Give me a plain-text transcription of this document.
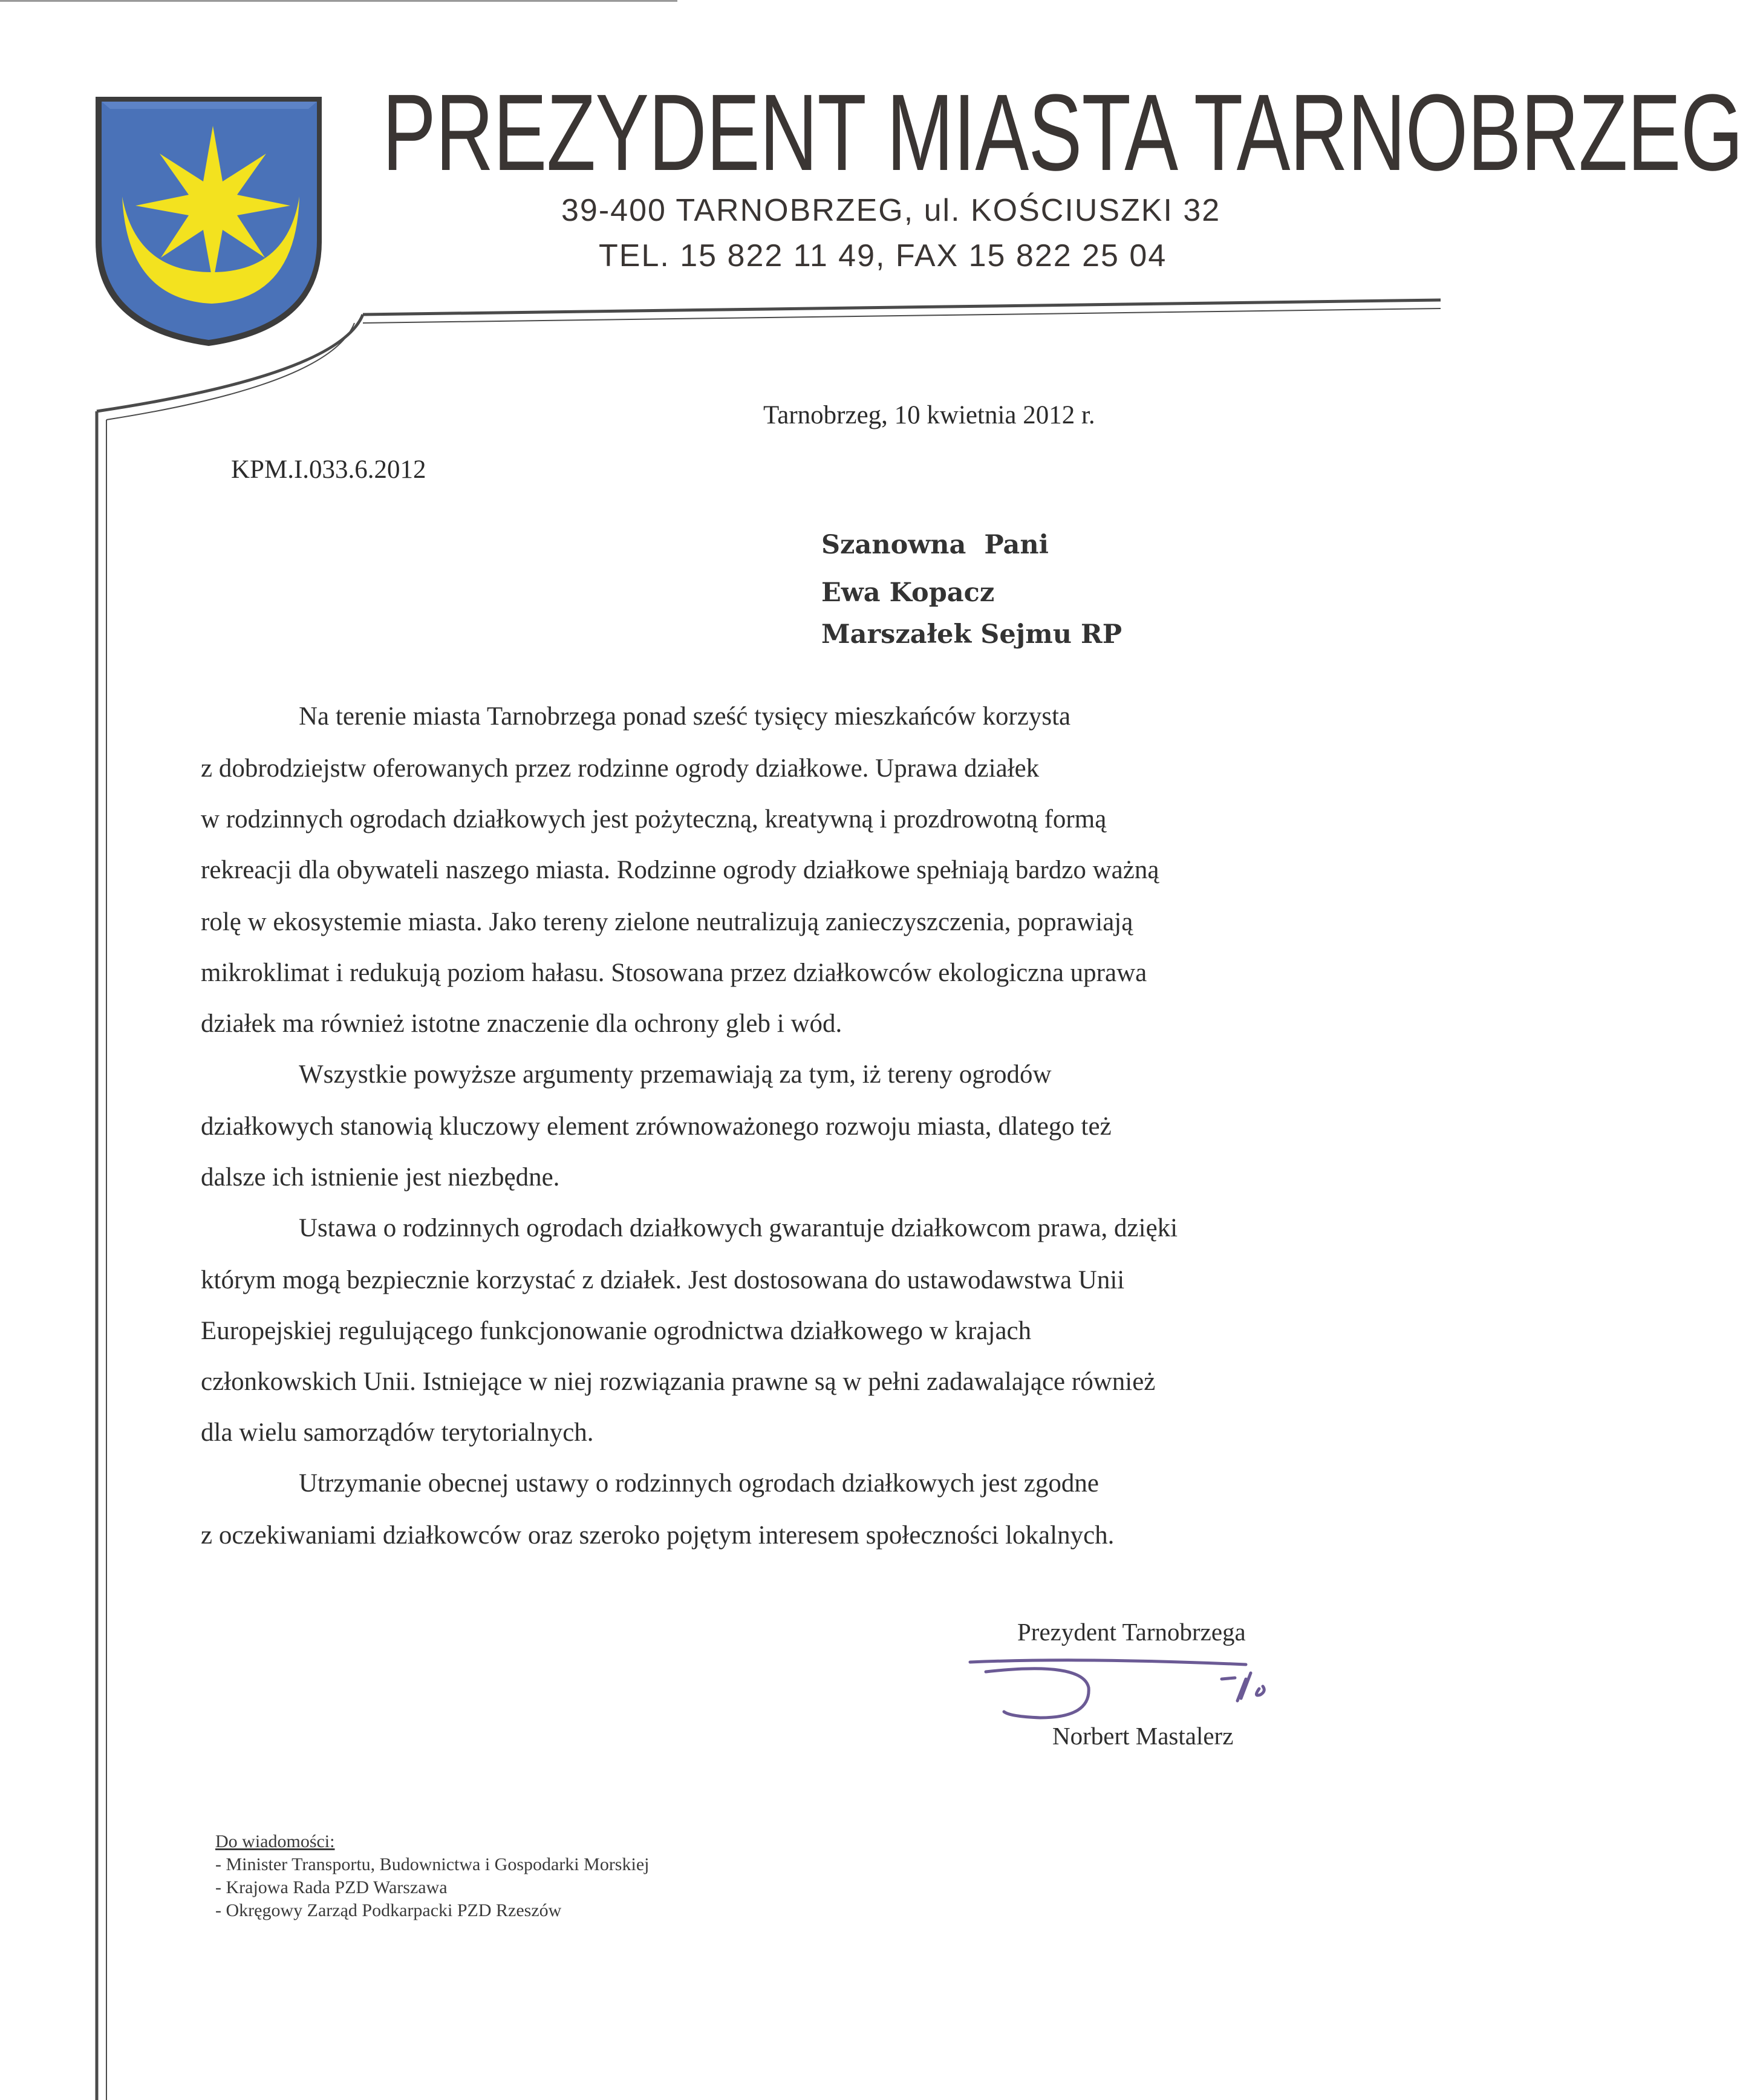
PREZYDENT MIASTA TARNOBRZEG
39-400 TARNOBRZEG, ul. KOŚCIUSZKI 32
TEL. 15 822 11 49, FAX 15 822 25 04
Tarnobrzeg, 10 kwietnia 2012 r.
KPM.I.033.6.2012
Szanowna  Pani
Ewa Kopacz
Marszałek Sejmu RP
Na terenie miasta Tarnobrzega ponad sześć tysięcy mieszkańców korzysta
z dobrodziejstw oferowanych przez rodzinne ogrody działkowe. Uprawa działek
w rodzinnych ogrodach działkowych jest pożyteczną, kreatywną i prozdrowotną formą
rekreacji dla obywateli naszego miasta. Rodzinne ogrody działkowe spełniają bardzo ważną
rolę w ekosystemie miasta. Jako tereny zielone neutralizują zanieczyszczenia, poprawiają
mikroklimat i redukują poziom hałasu. Stosowana przez działkowców ekologiczna uprawa
działek ma również istotne znaczenie dla ochrony gleb i wód.
Wszystkie powyższe argumenty przemawiają za tym, iż tereny ogrodów
działkowych stanowią kluczowy element zrównoważonego rozwoju miasta, dlatego też
dalsze ich istnienie jest niezbędne.
Ustawa o rodzinnych ogrodach działkowych gwarantuje działkowcom prawa, dzięki
którym mogą bezpiecznie korzystać z działek. Jest dostosowana do ustawodawstwa Unii
Europejskiej regulującego funkcjonowanie ogrodnictwa działkowego w krajach
członkowskich Unii. Istniejące w niej rozwiązania prawne są w pełni zadawalające również
dla wielu samorządów terytorialnych.
Utrzymanie obecnej ustawy o rodzinnych ogrodach działkowych jest zgodne
z oczekiwaniami działkowców oraz szeroko pojętym interesem społeczności lokalnych.
Prezydent Tarnobrzega
Norbert Mastalerz
Do wiadomości:
- Minister Transportu, Budownictwa i Gospodarki Morskiej
- Krajowa Rada PZD Warszawa
- Okręgowy Zarząd Podkarpacki PZD Rzeszów
